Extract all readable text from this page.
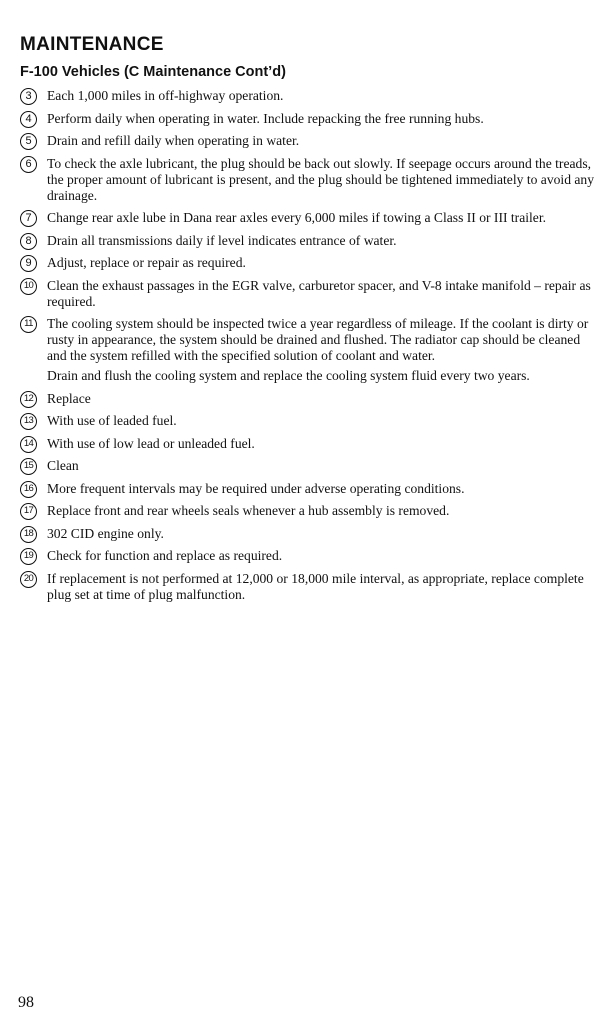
MAINTENANCE
F-100 Vehicles (C Maintenance Cont’d)
3	Each 1,000 miles in off-highway operation.
4	Perform daily when operating in water. Include repacking the free running hubs.
5	Drain and refill daily when operating in water.
6	To check the axle lubricant, the plug should be back out slowly. If seepage occurs around the treads, the proper amount of lubricant is present, and the plug should be tightened immediately to avoid any drainage.
7	Change rear axle lube in Dana rear axles every 6,000 miles if towing a Class II or III trailer.
8	Drain all transmissions daily if level indicates entrance of water.
9	Adjust, replace or repair as required.
10 Clean the exhaust passages in the EGR valve, carburetor spacer, and V-8 intake manifold – repair as required.
11	The cooling system should be inspected twice a year regardless of mileage. If the coolant is dirty or rusty in appearance, the system should be drained and flushed. The radiator cap should be cleaned and the system refilled with the specified solution of coolant and water.
Drain and flush the cooling system and replace the cooling system fluid every two years.
12 Replace
13 With use of leaded fuel.
14 With use of low lead or unleaded fuel.
15 Clean
16 More frequent intervals may be required under adverse operating conditions.
17 Replace front and rear wheels seals whenever a hub assembly is removed.
18 302 CID engine only.
19 Check for function and replace as required.
20 If replacement is not performed at 12,000 or 18,000 mile interval, as appropriate, replace complete plug set at time of plug malfunction.
98
